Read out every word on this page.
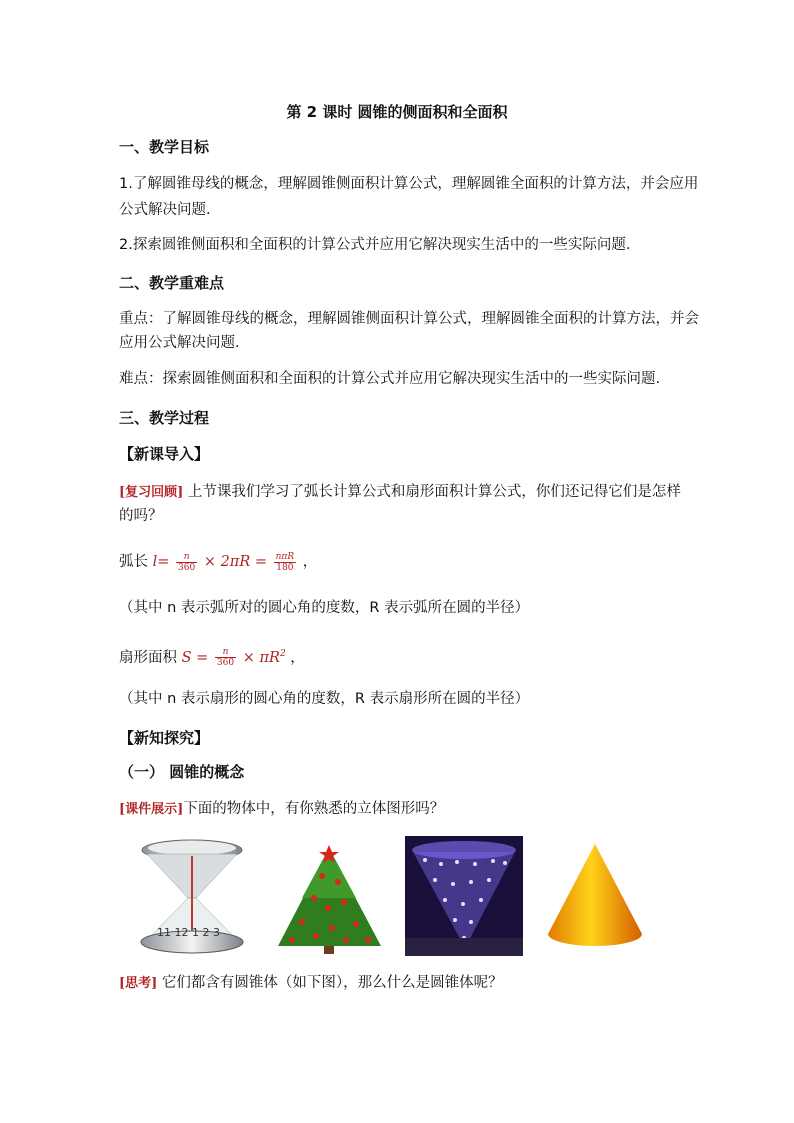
第 2 课时 圆锥的侧面积和全面积
一、教学目标
1.了解圆锥母线的概念，理解圆锥侧面积计算公式，理解圆锥全面积的计算方法，并会应用
公式解决问题.
2.探索圆锥侧面积和全面积的计算公式并应用它解决现实生活中的一些实际问题.
二、教学重难点
重点：了解圆锥母线的概念，理解圆锥侧面积计算公式，理解圆锥全面积的计算方法，并会
应用公式解决问题.
难点：探索圆锥侧面积和全面积的计算公式并应用它解决现实生活中的一些实际问题.
三、教学过程
【新课导入】
[复习回顾] 上节课我们学习了弧长计算公式和扇形面积计算公式，你们还记得它们是怎样
的吗？
弧长 $l= \frac{n}{360} \times 2\pi R = \frac{\text{nπR}}{180}$ ，
（其中 n 表示弧所对的圆心角的度数，R 表示弧所在圆的半径）
扇形面积 $S = \frac{n}{360} \times \pi R^2$ ，
（其中 n 表示扇形的圆心角的度数，R 表示扇形所在圆的半径）
【新知探究】
（一） 圆锥的概念
[课件展示]下面的物体中，有你熟悉的立体图形吗？
11 12 1 2 3
[思考] 它们都含有圆锥体（如下图），那么什么是圆锥体呢？
